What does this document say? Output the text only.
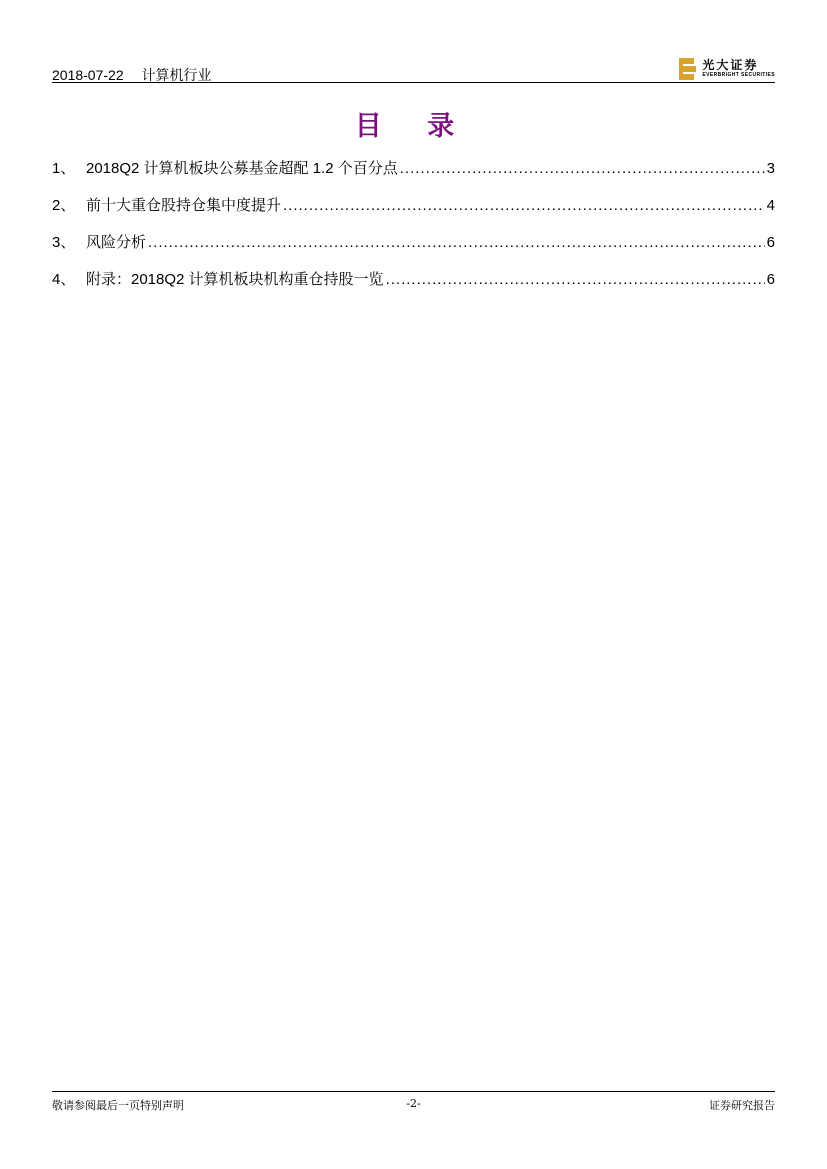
2018-07-22 计算机行业
光大证券
EVERBRIGHT SECURITIES
目 录
1、 2018Q2 计算机板块公募基金超配 1.2 个百分点 .....	3
2、 前十大重仓股持仓集中度提升 .....	4
3、 风险分析 .....	6
4、 附录：2018Q2 计算机板块机构重仓持股一览 .....	6
敬请参阅最后一页特别声明	-2-	证券研究报告
